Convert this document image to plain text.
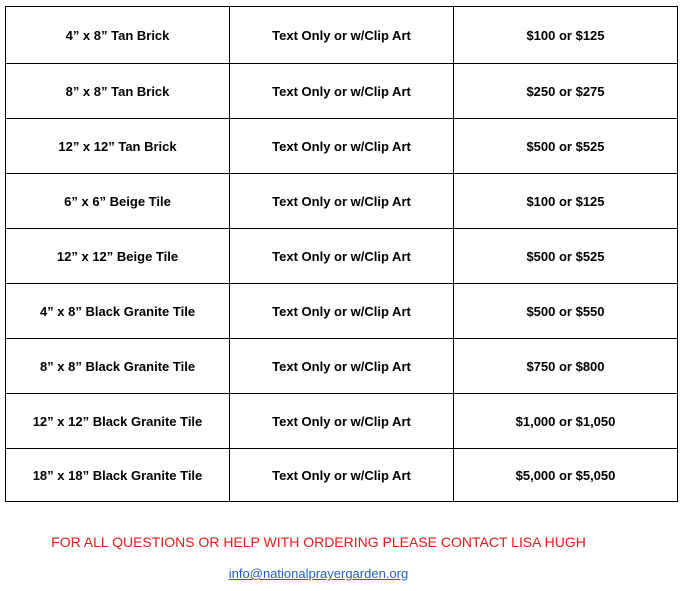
4” x 8” Tan Brick	Text Only or w/Clip Art	$100 or $125
8” x 8” Tan Brick	Text Only or w/Clip Art	$250 or $275
12” x 12” Tan Brick	Text Only or w/Clip Art	$500 or $525
6” x 6” Beige Tile	Text Only or w/Clip Art	$100 or $125
12” x 12” Beige Tile	Text Only or w/Clip Art	$500 or $525
4” x 8” Black Granite Tile	Text Only or w/Clip Art	$500 or $550
8” x 8” Black Granite Tile	Text Only or w/Clip Art	$750 or $800
12” x 12” Black Granite Tile	Text Only or w/Clip Art	$1,000 or $1,050
18” x 18” Black Granite Tile	Text Only or w/Clip Art	$5,000 or $5,050
FOR ALL QUESTIONS OR HELP WITH ORDERING PLEASE CONTACT LISA HUGH
info@nationalprayergarden.org
